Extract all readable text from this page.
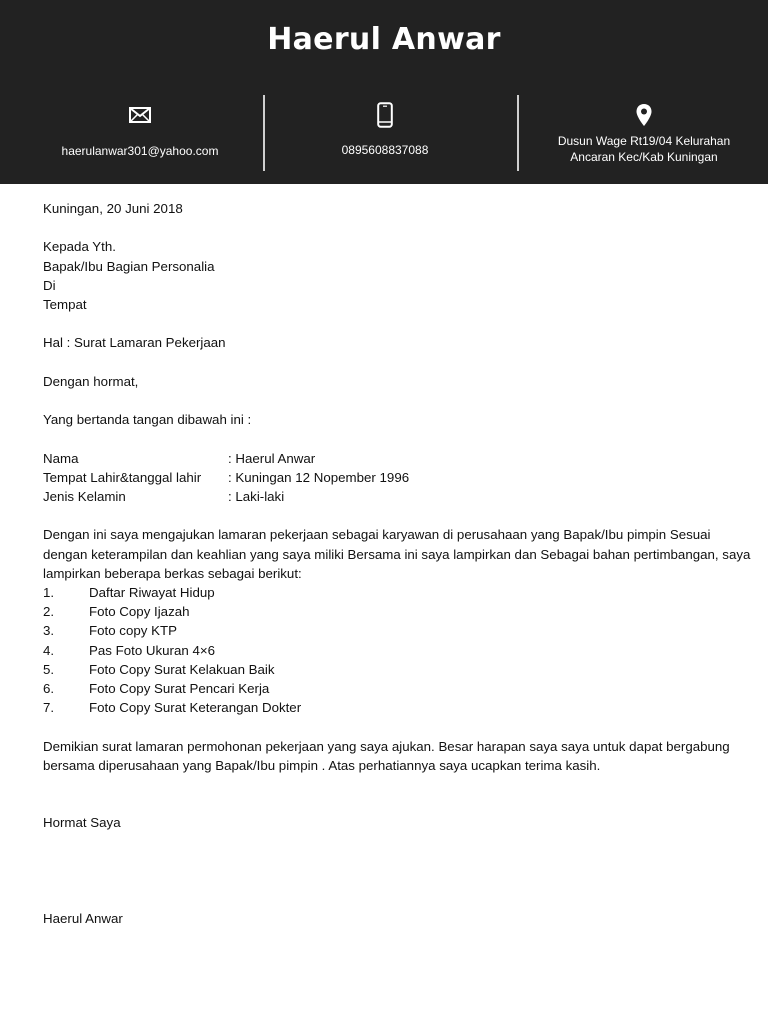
Haerul Anwar
haerulanwar301@yahoo.com	0895608837088
Dusun Wage Rt19/04 Kelurahan
Ancaran Kec/Kab Kuningan

Kuningan, 20 Juni 2018

Kepada Yth.

Bapak/Ibu Bagian Personalia

Di

Tempat

Hal : Surat Lamaran Pekerjaan

Dengan hormat,

Yang bertanda tangan dibawah ini :

Nama	: Haerul Anwar
Tempat Lahir&tanggal lahir	: Kuningan 12 Nopember 1996
Jenis Kelamin	: Laki-laki

Dengan ini saya mengajukan lamaran pekerjaan sebagai karyawan di perusahaan yang Bapak/Ibu pimpin Sesuai dengan keterampilan dan keahlian yang saya miliki Bersama ini saya lampirkan dan Sebagai bahan pertimbangan, saya lampirkan beberapa berkas sebagai berikut:

1.	Daftar Riwayat Hidup
2.	Foto Copy Ijazah
3.	Foto copy KTP
4.	Pas Foto Ukuran 4×6
5.	Foto Copy Surat Kelakuan Baik
6.	Foto Copy Surat Pencari Kerja
7.	Foto Copy Surat Keterangan Dokter

Demikian surat lamaran permohonan pekerjaan yang saya ajukan. Besar harapan saya saya untuk dapat bergabung bersama diperusahaan yang Bapak/Ibu pimpin . Atas perhatiannya saya ucapkan terima kasih.

Hormat Saya

Haerul Anwar
